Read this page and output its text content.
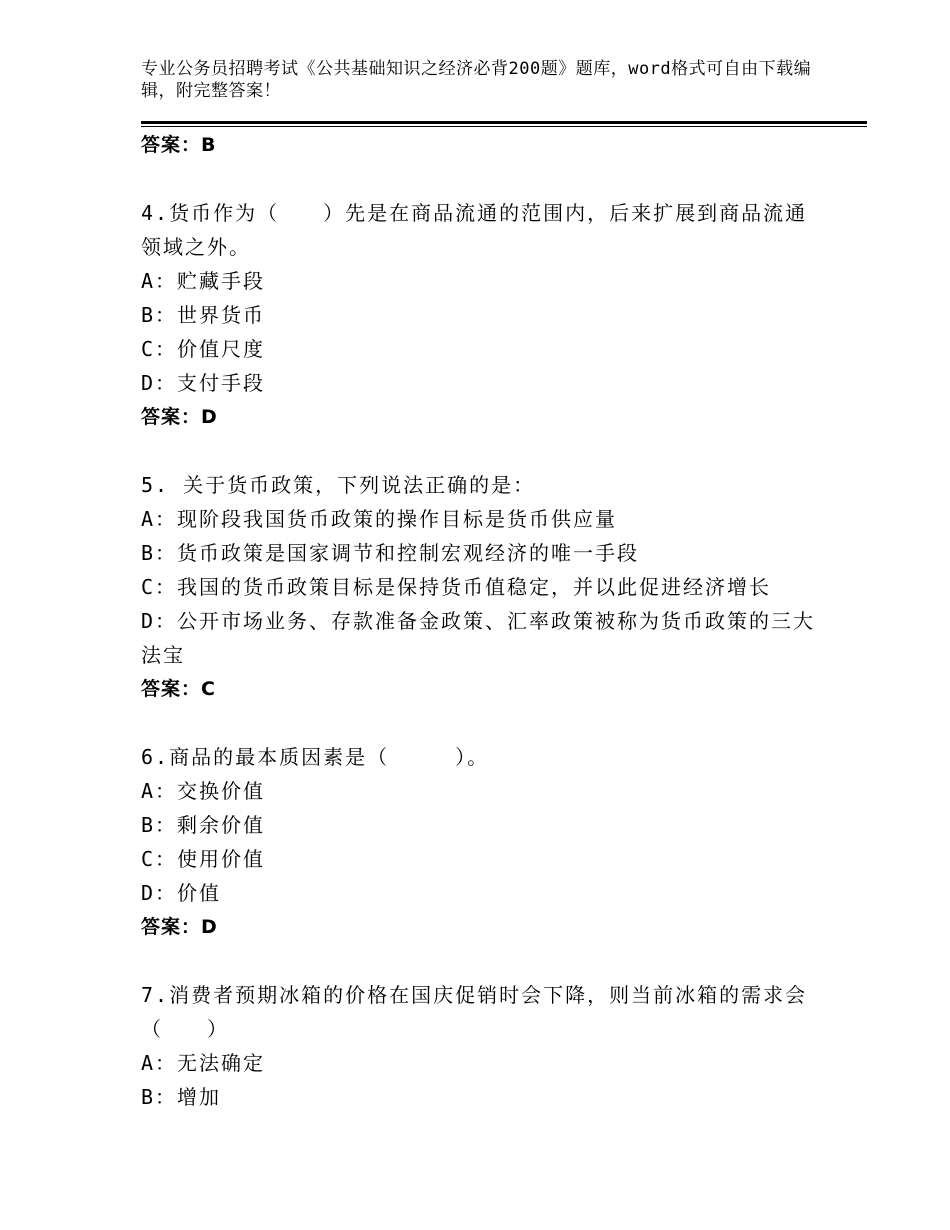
专业公务员招聘考试《公共基础知识之经济必背200题》题库，word格式可自由下载编辑，附完整答案！

答案：B

4.货币作为（　　）先是在商品流通的范围内，后来扩展到商品流通领域之外。

A：贮藏手段

B：世界货币

C：价值尺度

D：支付手段

答案：D

5. 关于货币政策，下列说法正确的是：

A：现阶段我国货币政策的操作目标是货币供应量

B：货币政策是国家调节和控制宏观经济的唯一手段

C：我国的货币政策目标是保持货币值稳定，并以此促进经济增长

D：公开市场业务、存款准备金政策、汇率政策被称为货币政策的三大法宝

答案：C

6.商品的最本质因素是（　　　）。

A：交换价值

B：剩余价值

C：使用价值

D：价值

答案：D

7.消费者预期冰箱的价格在国庆促销时会下降，则当前冰箱的需求会（　　）

A：无法确定

B：增加
